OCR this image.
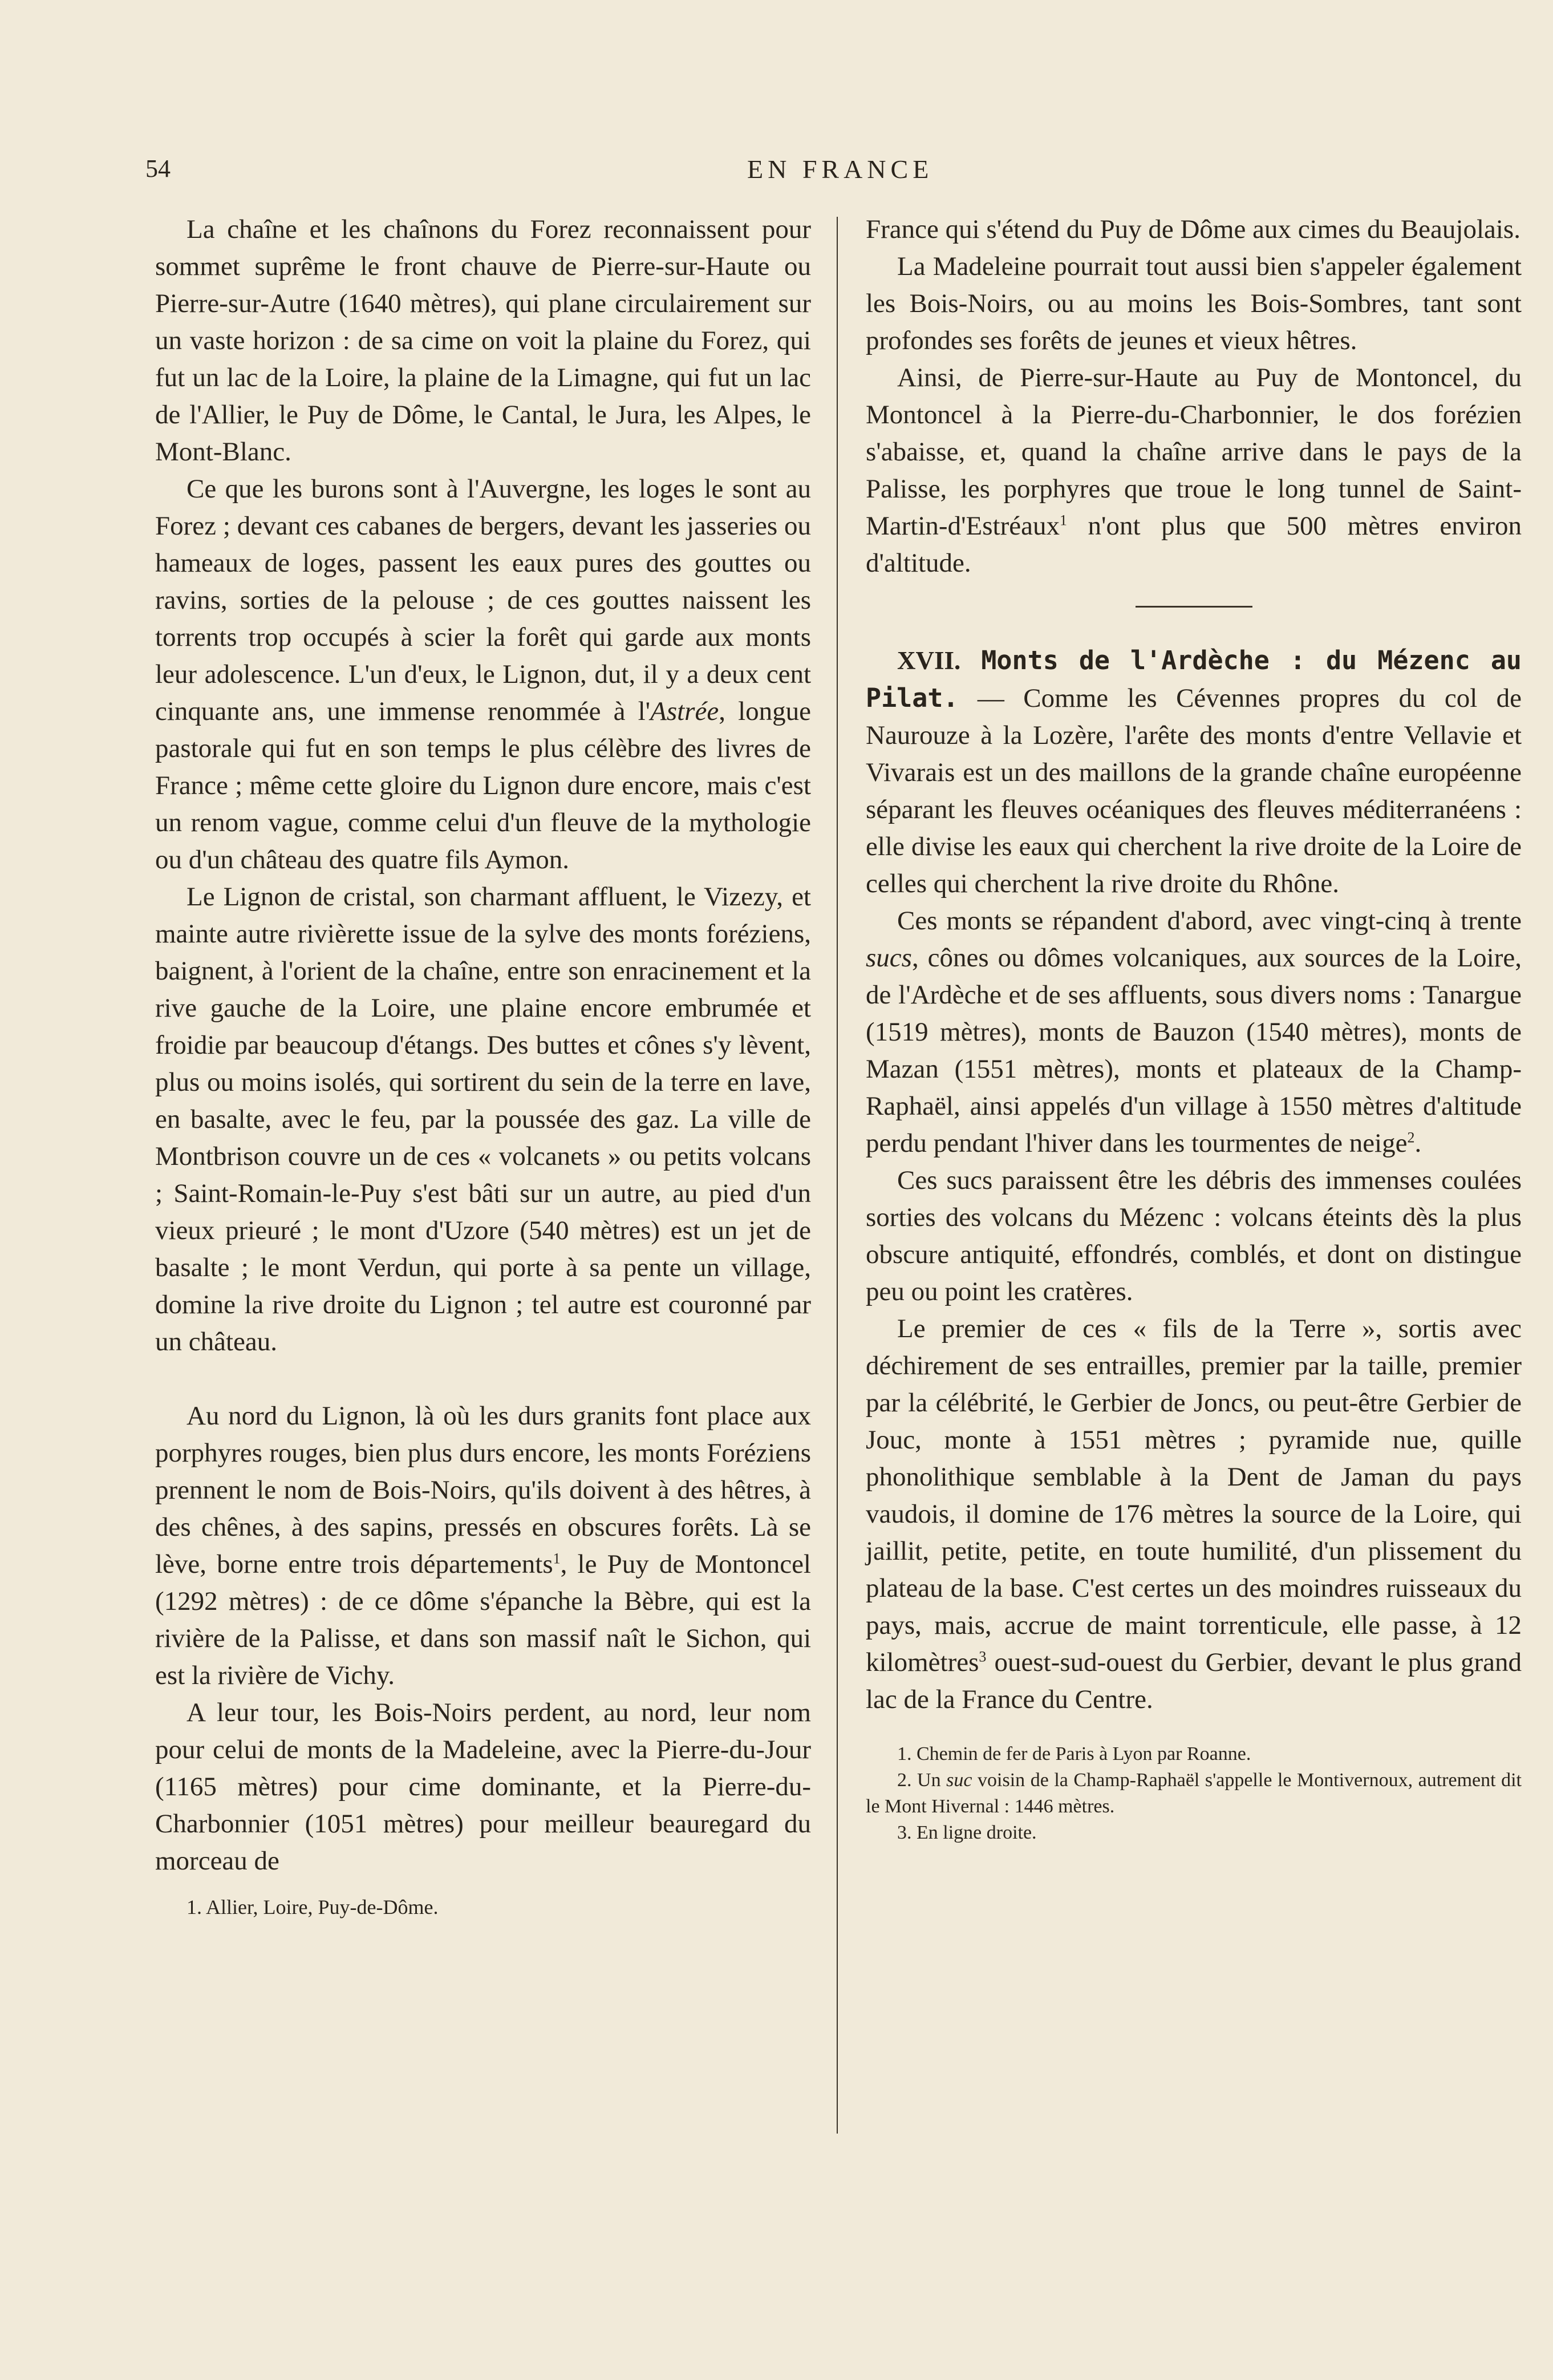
54	EN FRANCE

La chaîne et les chaînons du Forez reconnaissent pour sommet suprême le front chauve de Pierre-sur-Haute ou Pierre-sur-Autre (1640 mètres), qui plane circulairement sur un vaste horizon : de sa cime on voit la plaine du Forez, qui fut un lac de la Loire, la plaine de la Limagne, qui fut un lac de l'Allier, le Puy de Dôme, le Cantal, le Jura, les Alpes, le Mont-Blanc.

Ce que les burons sont à l'Auvergne, les loges le sont au Forez ; devant ces cabanes de bergers, devant les jasseries ou hameaux de loges, passent les eaux pures des gouttes ou ravins, sorties de la pelouse ; de ces gouttes naissent les torrents trop occupés à scier la forêt qui garde aux monts leur adolescence. L'un d'eux, le Lignon, dut, il y a deux cent cinquante ans, une immense renommée à l'Astrée, longue pastorale qui fut en son temps le plus célèbre des livres de France ; même cette gloire du Lignon dure encore, mais c'est un renom vague, comme celui d'un fleuve de la mythologie ou d'un château des quatre fils Aymon.

Le Lignon de cristal, son charmant affluent, le Vizezy, et mainte autre rivièrette issue de la sylve des monts foréziens, baignent, à l'orient de la chaîne, entre son enracinement et la rive gauche de la Loire, une plaine encore embrumée et froidie par beaucoup d'étangs. Des buttes et cônes s'y lèvent, plus ou moins isolés, qui sortirent du sein de la terre en lave, en basalte, avec le feu, par la poussée des gaz. La ville de Montbrison couvre un de ces « volcanets » ou petits volcans ; Saint-Romain-le-Puy s'est bâti sur un autre, au pied d'un vieux prieuré ; le mont d'Uzore (540 mètres) est un jet de basalte ; le mont Verdun, qui porte à sa pente un village, domine la rive droite du Lignon ; tel autre est couronné par un château.

Au nord du Lignon, là où les durs granits font place aux porphyres rouges, bien plus durs encore, les monts Foréziens prennent le nom de Bois-Noirs, qu'ils doivent à des hêtres, à des chênes, à des sapins, pressés en obscures forêts. Là se lève, borne entre trois départements$^1$, le Puy de Montoncel (1292 mètres) : de ce dôme s'épanche la Bèbre, qui est la rivière de la Palisse, et dans son massif naît le Sichon, qui est la rivière de Vichy.

A leur tour, les Bois-Noirs perdent, au nord, leur nom pour celui de monts de la Madeleine, avec la Pierre-du-Jour (1165 mètres) pour cime dominante, et la Pierre-du-Charbonnier (1051 mètres) pour meilleur beauregard du morceau de

1. Allier, Loire, Puy-de-Dôme.

France qui s'étend du Puy de Dôme aux cimes du Beaujolais.

La Madeleine pourrait tout aussi bien s'appeler également les Bois-Noirs, ou au moins les Bois-Sombres, tant sont profondes ses forêts de jeunes et vieux hêtres.

Ainsi, de Pierre-sur-Haute au Puy de Montoncel, du Montoncel à la Pierre-du-Charbonnier, le dos forézien s'abaisse, et, quand la chaîne arrive dans le pays de la Palisse, les porphyres que troue le long tunnel de Saint-Martin-d'Estréaux$^1$ n'ont plus que 500 mètres environ d'altitude.

XVII. Monts de l'Ardèche : du Mézenc au Pilat. — Comme les Cévennes propres du col de Naurouze à la Lozère, l'arête des monts d'entre Vellavie et Vivarais est un des maillons de la grande chaîne européenne séparant les fleuves océaniques des fleuves méditerranéens : elle divise les eaux qui cherchent la rive droite de la Loire de celles qui cherchent la rive droite du Rhône.

Ces monts se répandent d'abord, avec vingt-cinq à trente sucs, cônes ou dômes volcaniques, aux sources de la Loire, de l'Ardèche et de ses affluents, sous divers noms : Tanargue (1519 mètres), monts de Bauzon (1540 mètres), monts de Mazan (1551 mètres), monts et plateaux de la Champ-Raphaël, ainsi appelés d'un village à 1550 mètres d'altitude perdu pendant l'hiver dans les tourmentes de neige$^2$.

Ces sucs paraissent être les débris des immenses coulées sorties des volcans du Mézenc : volcans éteints dès la plus obscure antiquité, effondrés, comblés, et dont on distingue peu ou point les cratères.

Le premier de ces « fils de la Terre », sortis avec déchirement de ses entrailles, premier par la taille, premier par la célébrité, le Gerbier de Joncs, ou peut-être Gerbier de Jouc, monte à 1551 mètres ; pyramide nue, quille phonolithique semblable à la Dent de Jaman du pays vaudois, il domine de 176 mètres la source de la Loire, qui jaillit, petite, petite, en toute humilité, d'un plissement du plateau de la base. C'est certes un des moindres ruisseaux du pays, mais, accrue de maint torrenticule, elle passe, à 12 kilomètres$^3$ ouest-sud-ouest du Gerbier, devant le plus grand lac de la France du Centre.

1. Chemin de fer de Paris à Lyon par Roanne.

2. Un suc voisin de la Champ-Raphaël s'appelle le Montivernoux, autrement dit le Mont Hivernal : 1446 mètres.

3. En ligne droite.
